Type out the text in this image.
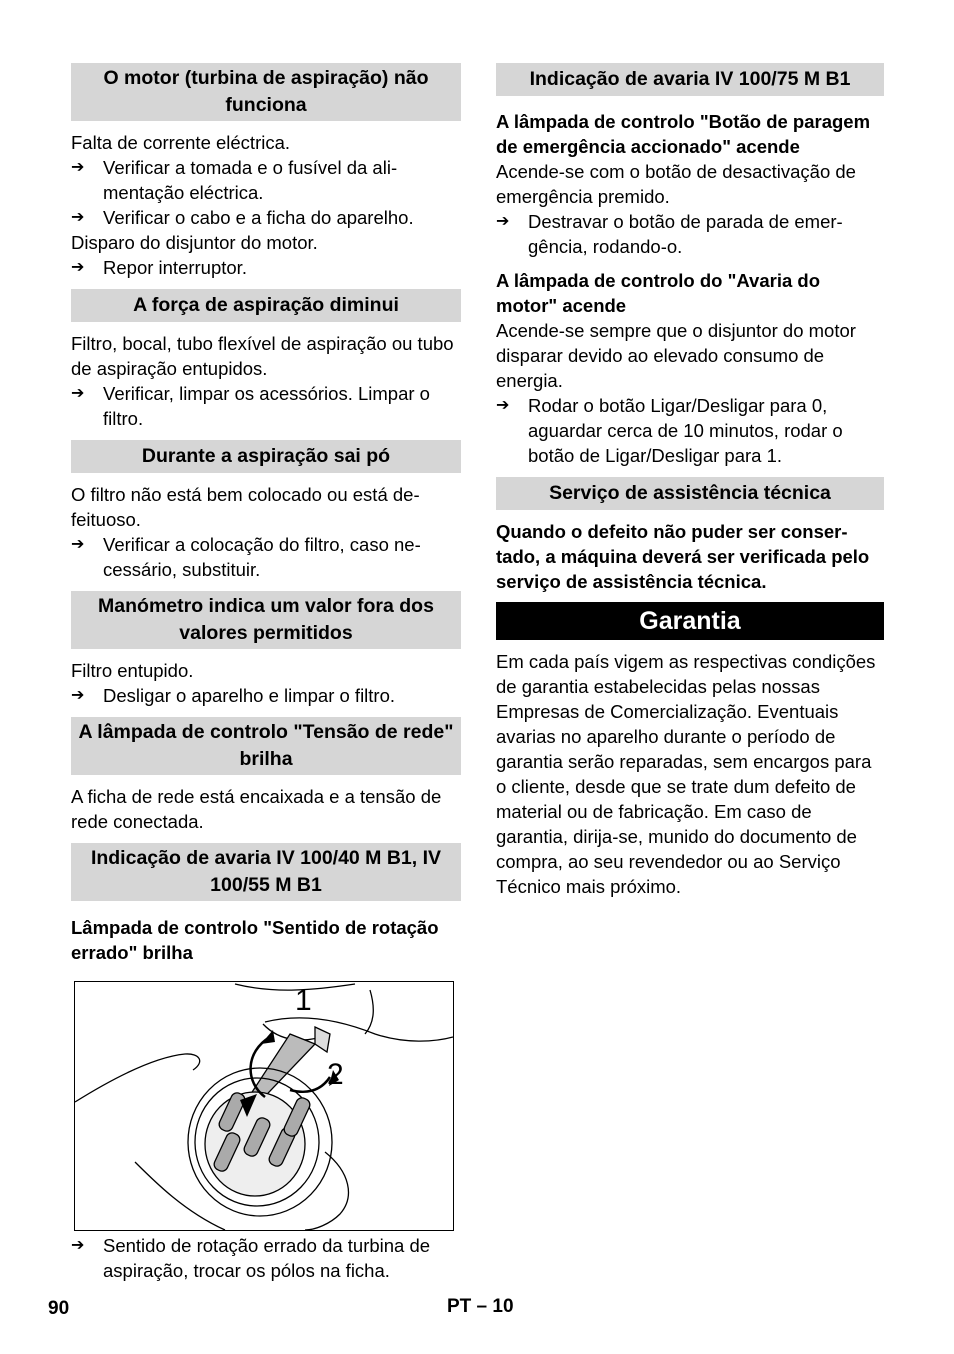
O motor (turbina de aspiração) não funciona

Falta de corrente eléctrica.

➔	Verificar a tomada e o fusível da alimentação eléctrica.
➔	Verificar o cabo e a ficha do aparelho.

Disparo do disjuntor do motor.

➔	Repor interruptor.
A força de aspiração diminui

Filtro, bocal, tubo flexível de aspiração ou tubo de aspiração entupidos.

➔	Verificar, limpar os acessórios. Limpar o filtro.
Durante a aspiração sai pó

O filtro não está bem colocado ou está defeituoso.

➔	Verificar a colocação do filtro, caso necessário, substituir.
Manómetro indica um valor fora dos valores permitidos

Filtro entupido.

➔	Desligar o aparelho e limpar o filtro.
A lâmpada de controlo "Tensão de rede" brilha

A ficha de rede está encaixada e a tensão de rede conectada.

Indicação de avaria IV 100/40 M B1, IV 100/55 M B1

Lâmpada de controlo "Sentido de rotação errado" brilha

1
2
➔	Sentido de rotação errado da turbina de aspiração, trocar os pólos na ficha.
Indicação de avaria IV 100/75 M B1

A lâmpada de controlo "Botão de paragem de emergência accionado" acende

Acende-se com o botão de desactivação de emergência premido.

➔	Destravar o botão de parada de emergência, rodando-o.

A lâmpada de controlo do "Avaria do motor" acende

Acende-se sempre que o disjuntor do motor disparar devido ao elevado consumo de energia.

➔	Rodar o botão Ligar/Desligar para 0, aguardar cerca de 10 minutos, rodar o botão de Ligar/Desligar para 1.
Serviço de assistência técnica

Quando o defeito não puder ser consertado, a máquina deverá ser verificada pelo serviço de assistência técnica.

Garantia

Em cada país vigem as respectivas condições de garantia estabelecidas pelas nossas Empresas de Comercialização. Eventuais avarias no aparelho durante o período de garantia serão reparadas, sem encargos para o cliente, desde que se trate dum defeito de material ou de fabricação. Em caso de garantia, dirija-se, munido do documento de compra, ao seu revendedor ou ao Serviço Técnico mais próximo.

90	PT – 10
